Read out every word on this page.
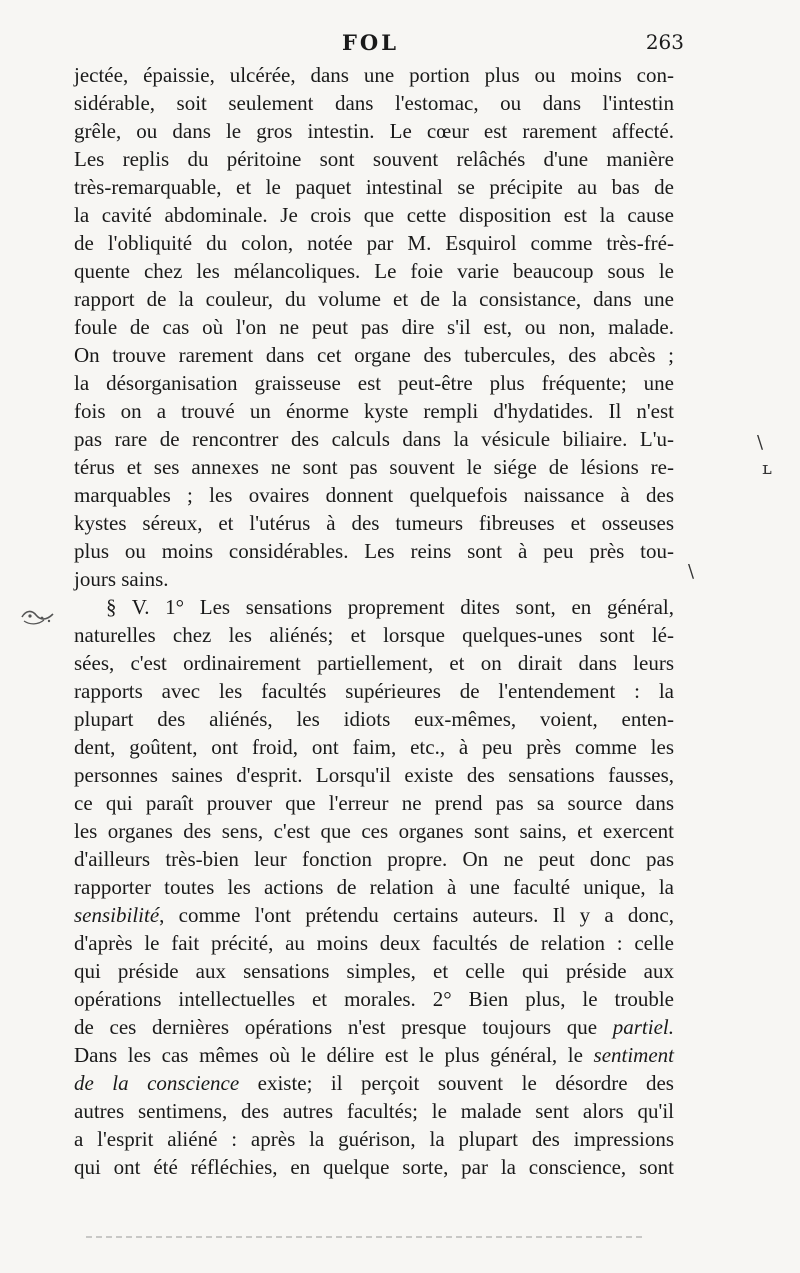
FOL	263
jectée, épaissie, ulcérée, dans une portion plus ou moins con-
sidérable, soit seulement dans l'estomac, ou dans l'intestin
grêle, ou dans le gros intestin. Le cœur est rarement affecté.
Les replis du péritoine sont souvent relâchés d'une manière
très-remarquable, et le paquet intestinal se précipite au bas de
la cavité abdominale. Je crois que cette disposition est la cause
de l'obliquité du colon, notée par M. Esquirol comme très-fré-
quente chez les mélancoliques. Le foie varie beaucoup sous le
rapport de la couleur, du volume et de la consistance, dans une
foule de cas où l'on ne peut pas dire s'il est, ou non, malade.
On trouve rarement dans cet organe des tubercules, des abcès ;
la désorganisation graisseuse est peut-être plus fréquente; une
fois on a trouvé un énorme kyste rempli d'hydatides. Il n'est
pas rare de rencontrer des calculs dans la vésicule biliaire. L'u-
térus et ses annexes ne sont pas souvent le siége de lésions re-
marquables ; les ovaires donnent quelquefois naissance à des
kystes séreux, et l'utérus à des tumeurs fibreuses et osseuses
plus ou moins considérables. Les reins sont à peu près tou-
jours sains.
§ V. 1° Les sensations proprement dites sont, en général,
naturelles chez les aliénés; et lorsque quelques-unes sont lé-
sées, c'est ordinairement partiellement, et on dirait dans leurs
rapports avec les facultés supérieures de l'entendement : la
plupart des aliénés, les idiots eux-mêmes, voient, enten-
dent, goûtent, ont froid, ont faim, etc., à peu près comme les
personnes saines d'esprit. Lorsqu'il existe des sensations fausses,
ce qui paraît prouver que l'erreur ne prend pas sa source dans
les organes des sens, c'est que ces organes sont sains, et exercent
d'ailleurs très-bien leur fonction propre. On ne peut donc pas
rapporter toutes les actions de relation à une faculté unique, la
sensibilité, comme l'ont prétendu certains auteurs. Il y a donc,
d'après le fait précité, au moins deux facultés de relation : celle
qui préside aux sensations simples, et celle qui préside aux
opérations intellectuelles et morales. 2° Bien plus, le trouble
de ces dernières opérations n'est presque toujours que partiel.
Dans les cas mêmes où le délire est le plus général, le sentiment
de la conscience existe; il perçoit souvent le désordre des
autres sentimens, des autres facultés; le malade sent alors qu'il
a l'esprit aliéné : après la guérison, la plupart des impressions
qui ont été réfléchies, en quelque sorte, par la conscience, sont
\
ʟ
\
